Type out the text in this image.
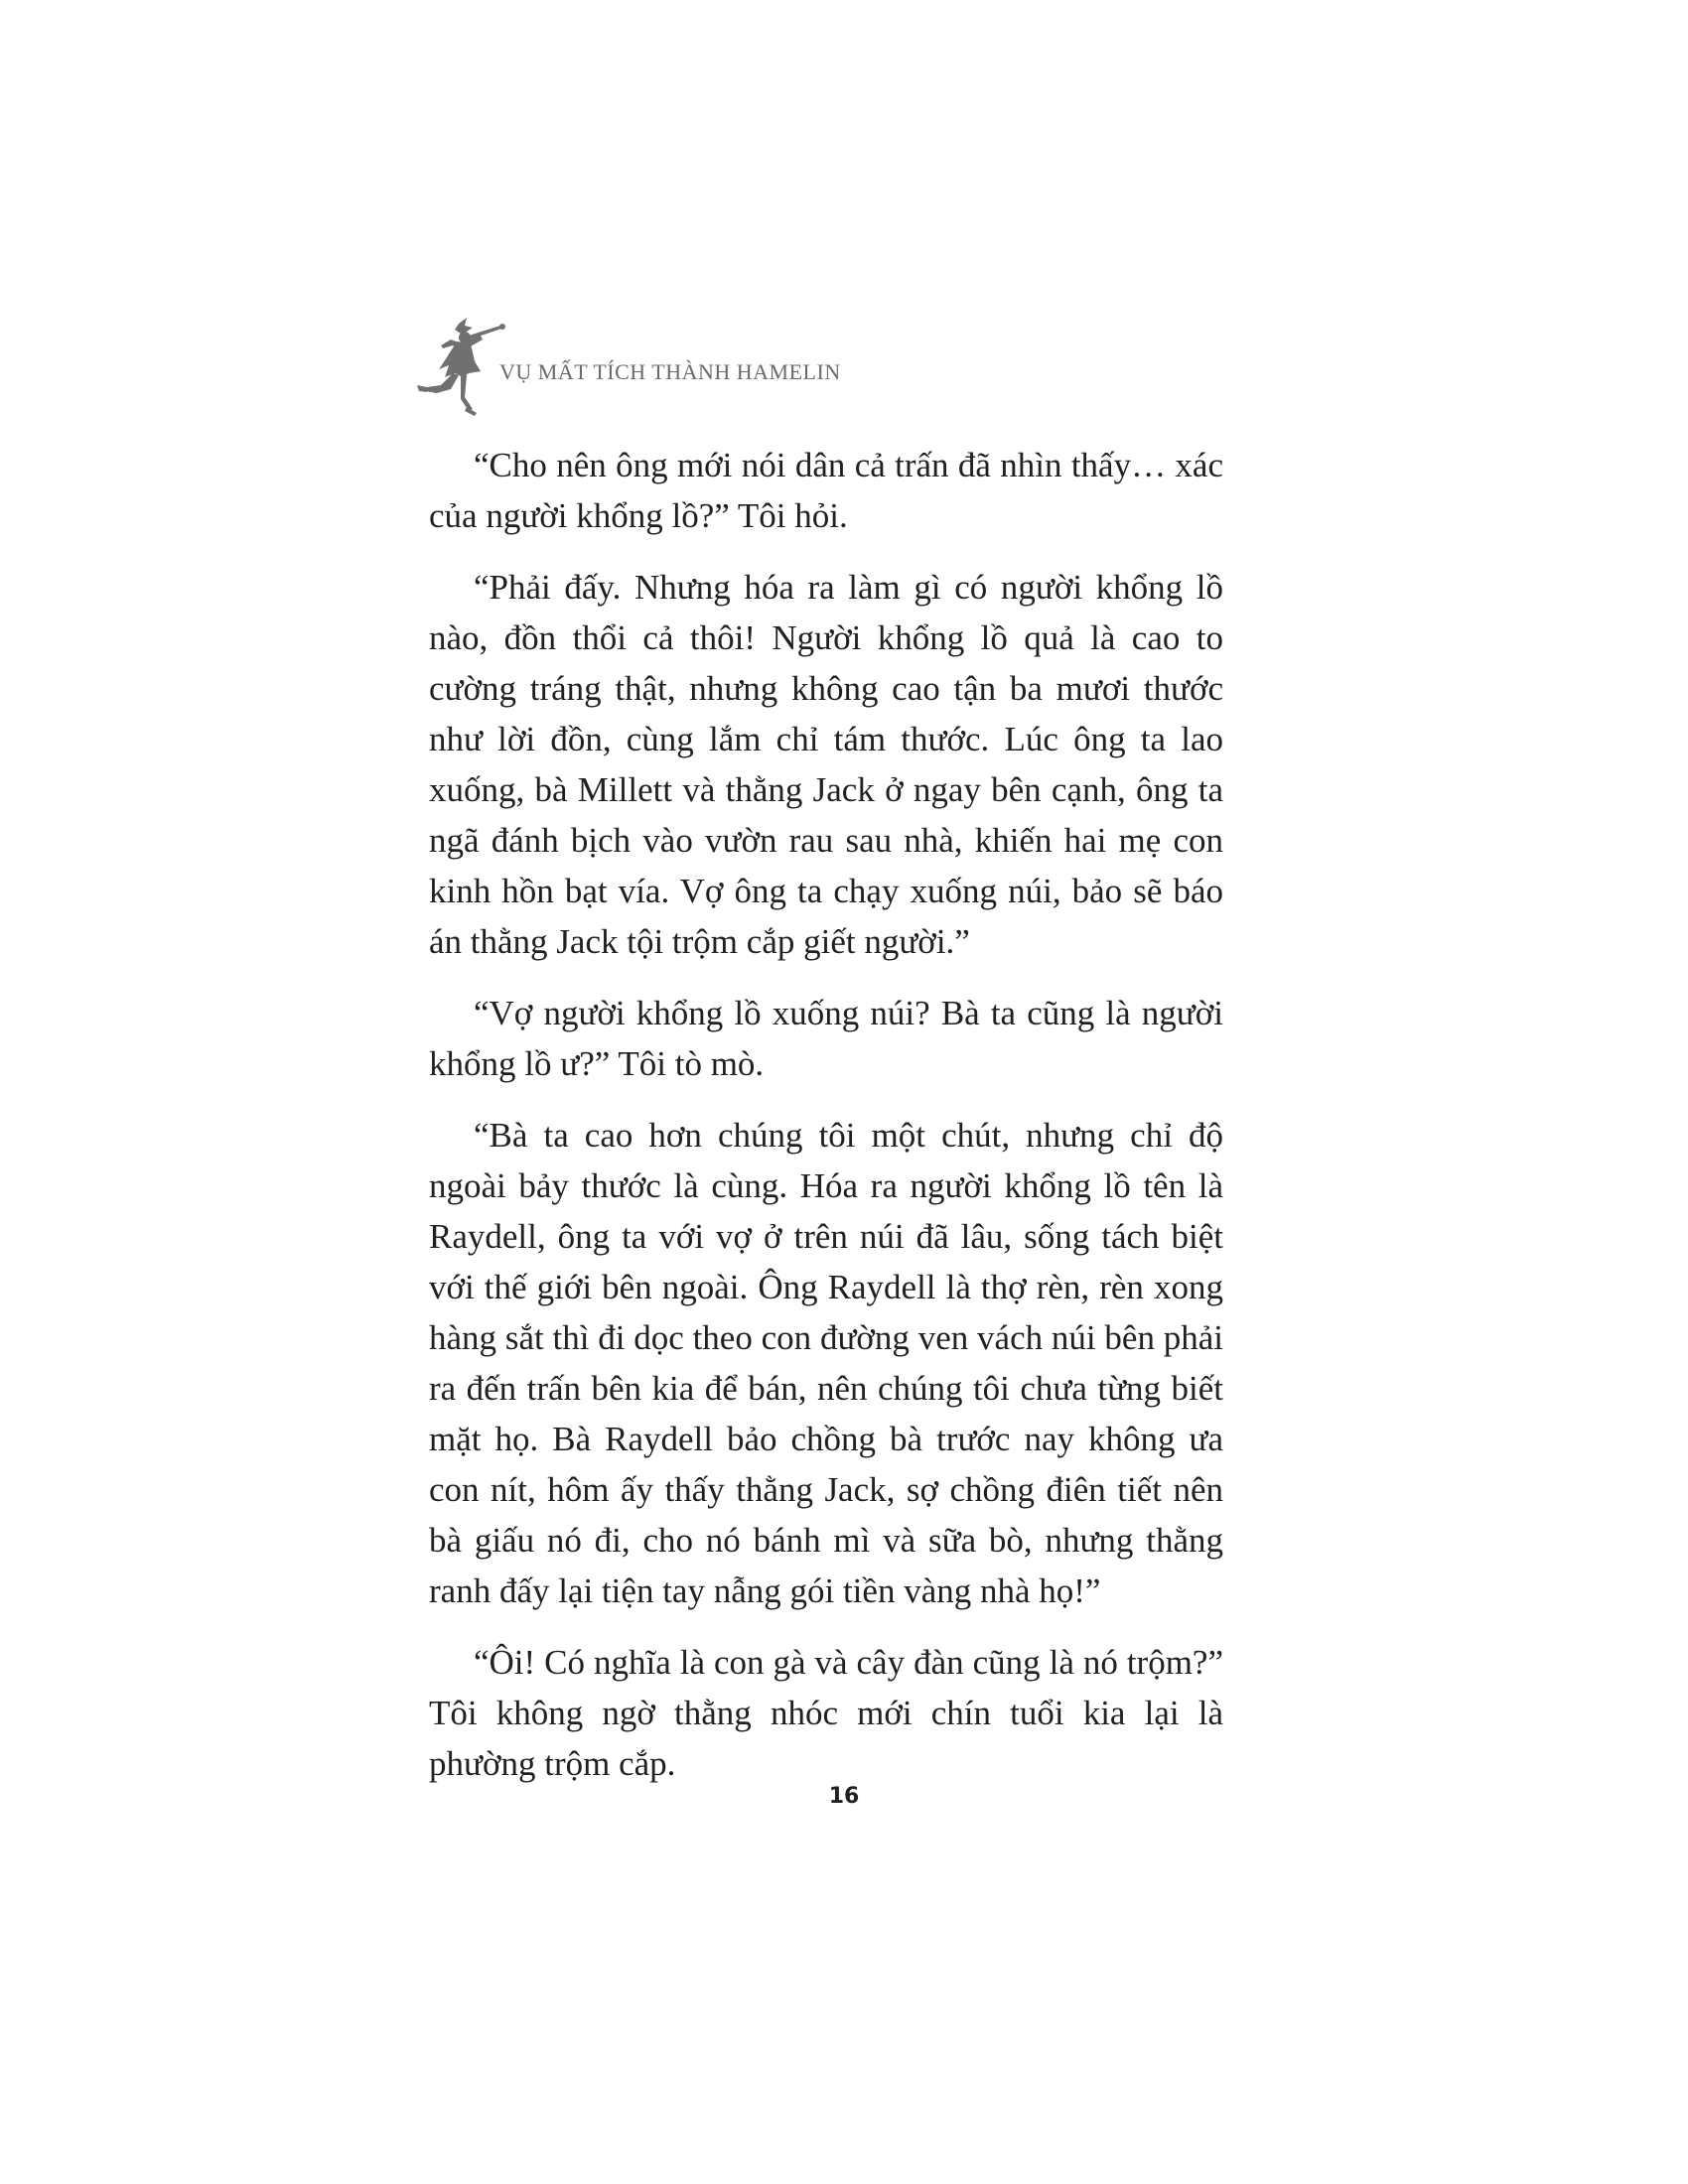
VỤ MẤT TÍCH THÀNH HAMELIN

“Cho nên ông mới nói dân cả trấn đã nhìn thấy… xác của người khổng lồ?” Tôi hỏi.

“Phải đấy. Nhưng hóa ra làm gì có người khổng lồ nào, đồn thổi cả thôi! Người khổng lồ quả là cao to cường tráng thật, nhưng không cao tận ba mươi thước như lời đồn, cùng lắm chỉ tám thước. Lúc ông ta lao xuống, bà Millett và thằng Jack ở ngay bên cạnh, ông ta ngã đánh bịch vào vườn rau sau nhà, khiến hai mẹ con kinh hồn bạt vía. Vợ ông ta chạy xuống núi, bảo sẽ báo án thằng Jack tội trộm cắp giết người.”

“Vợ người khổng lồ xuống núi? Bà ta cũng là người khổng lồ ư?” Tôi tò mò.

“Bà ta cao hơn chúng tôi một chút, nhưng chỉ độ ngoài bảy thước là cùng. Hóa ra người khổng lồ tên là Raydell, ông ta với vợ ở trên núi đã lâu, sống tách biệt với thế giới bên ngoài. Ông Raydell là thợ rèn, rèn xong hàng sắt thì đi dọc theo con đường ven vách núi bên phải ra đến trấn bên kia để bán, nên chúng tôi chưa từng biết mặt họ. Bà Raydell bảo chồng bà trước nay không ưa con nít, hôm ấy thấy thằng Jack, sợ chồng điên tiết nên bà giấu nó đi, cho nó bánh mì và sữa bò, nhưng thằng ranh đấy lại tiện tay nẫng gói tiền vàng nhà họ!”

“Ôi! Có nghĩa là con gà và cây đàn cũng là nó trộm?” Tôi không ngờ thằng nhóc mới chín tuổi kia lại là phường trộm cắp.

16
